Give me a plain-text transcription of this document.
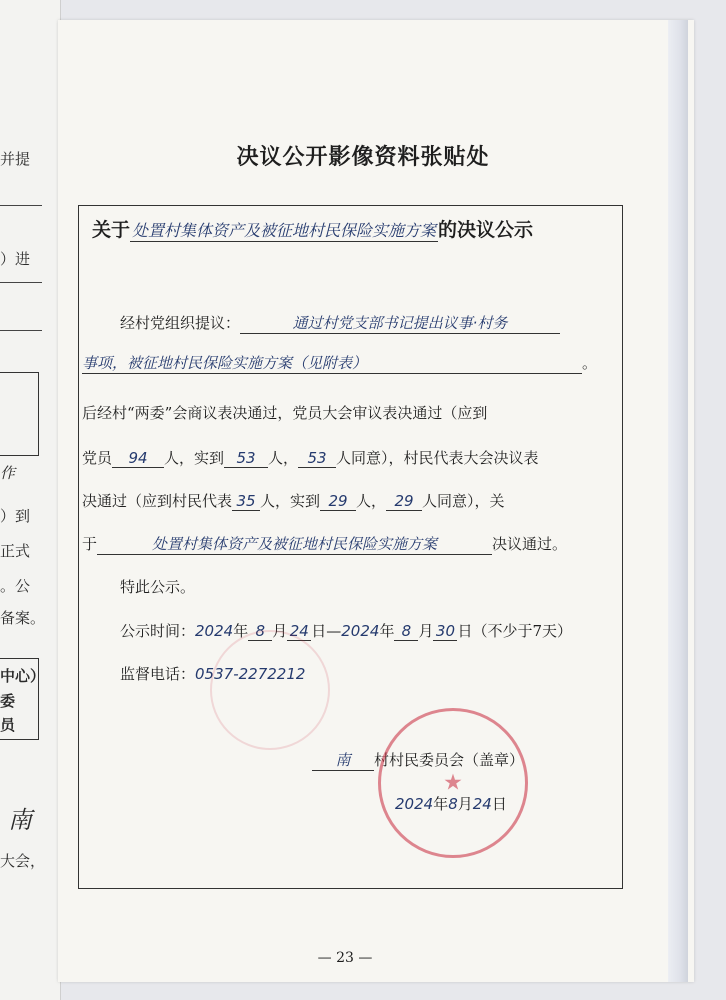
并提
）进
作
）到
正式
。公
备案。
中心）
委
员
南
大会，
决议公开影像资料张贴处
关于 处置村集体资产及被征地村民保险实施方案 的决议公示
经村党组织提议：	通过村党支部书记提出议事·村务
事项，被征地村民保险实施方案（见附表）	。
后经村“两委”会商议表决通过，党员大会审议表决通过（应到
党员 94 人，实到 53 人， 53 人同意），村民代表大会决议表
决通过（应到村民代表 35 人，实到 29 人， 29 人同意），关
于	处置村集体资产及被征地村民保险实施方案	决议通过。
特此公示。
公示时间：2024年 8 月 24 日—2024年 8 月 30 日（不少于7天）
监督电话：0537-2272212
南 村村民委员会（盖章）
★
2024年8月24日
— 23 —
